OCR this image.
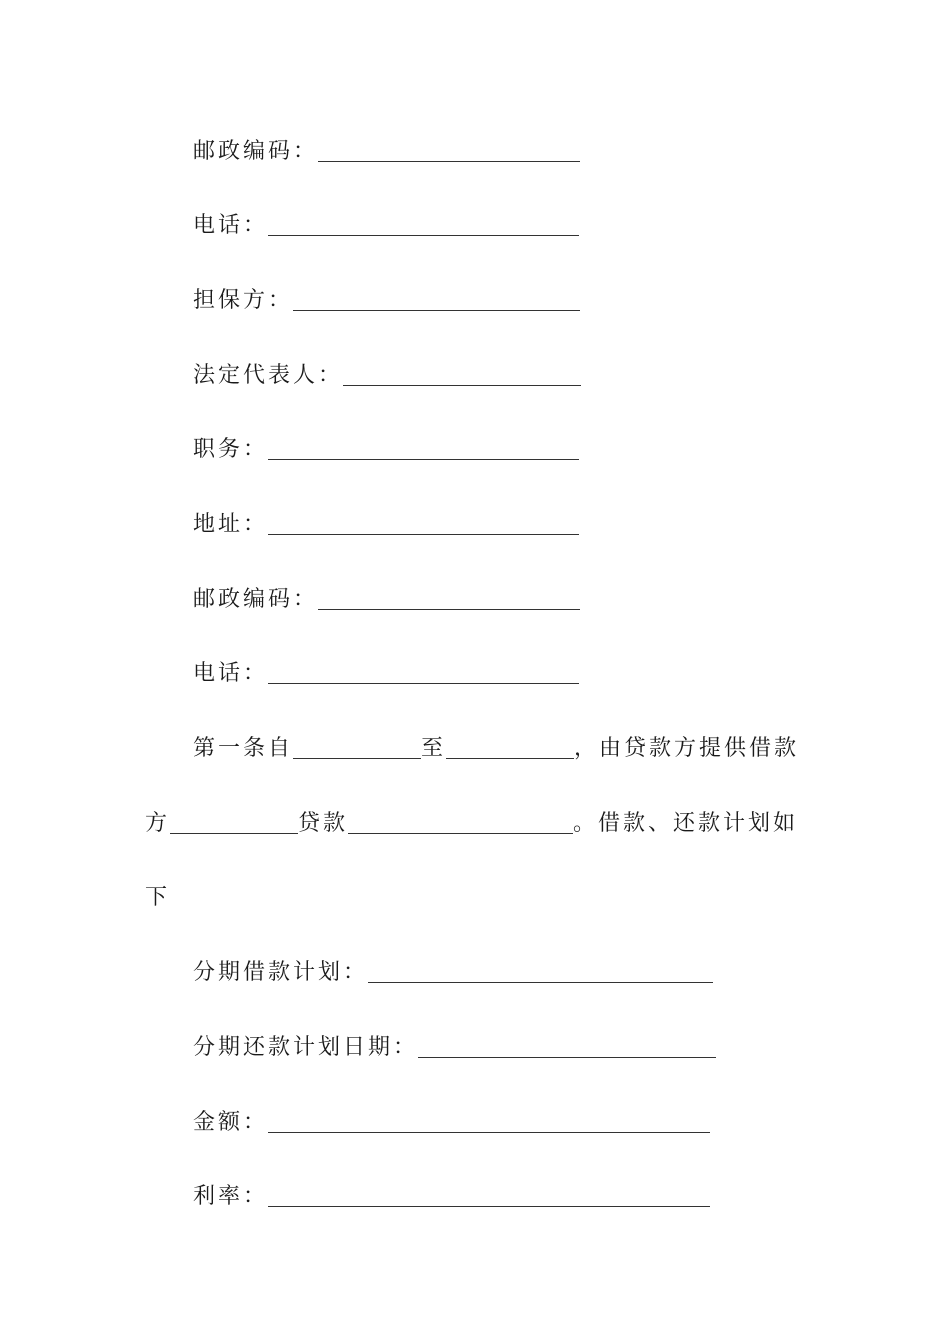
邮政编码：
电话：
担保方：
法定代表人：
职务：
地址：
邮政编码：
电话：
第一条自	至	，由贷款方提供借款
方	贷款	。借款、还款计划如
下
分期借款计划：
分期还款计划日期：
金额：
利率：
